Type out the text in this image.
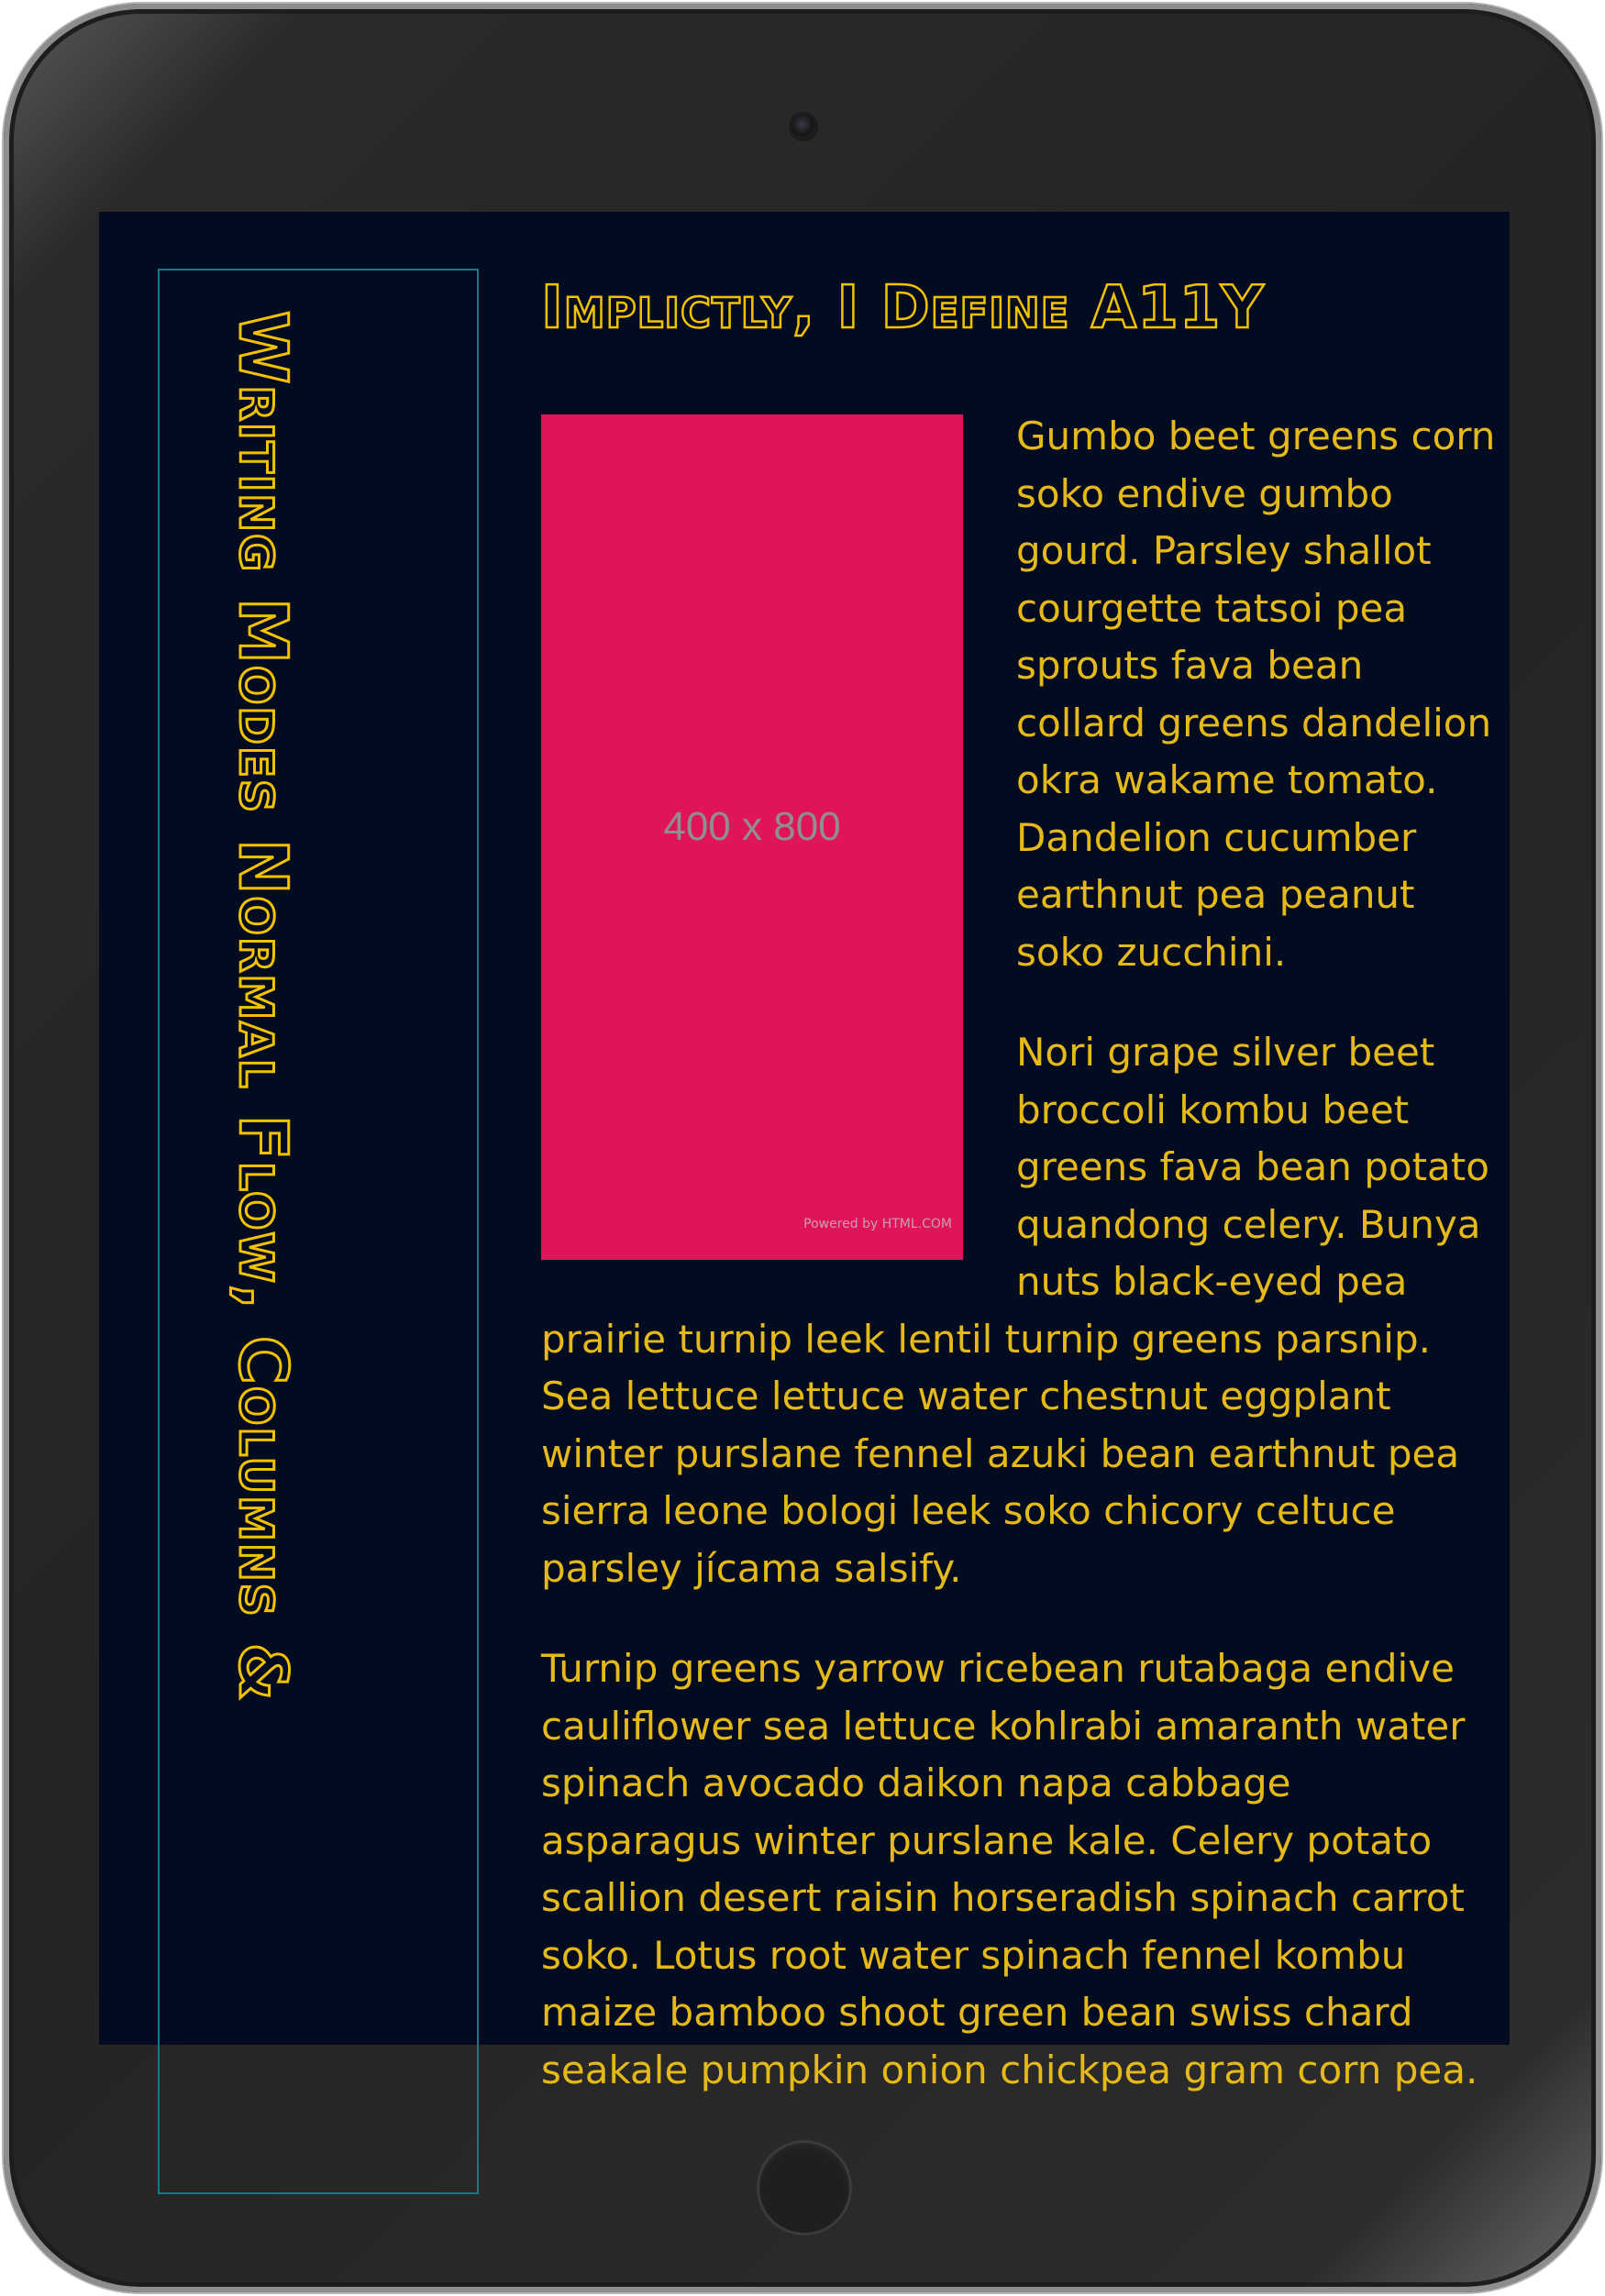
Writing Modes Normal Flow, Columns &
Implictly, I Define A11Y
400 x 800
Powered by HTML.COM

Gumbo beet greens corn soko endive gumbo gourd. Parsley shallot courgette tatsoi pea sprouts fava bean collard greens dandelion okra wakame tomato. Dandelion cucumber earthnut pea peanut soko zucchini.

Nori grape silver beet broccoli kombu beet greens fava bean potato quandong celery. Bunya nuts black-eyed pea prairie turnip leek lentil turnip greens parsnip. Sea lettuce lettuce water chestnut eggplant winter purslane fennel azuki bean earthnut pea sierra leone bologi leek soko chicory celtuce parsley jícama salsify.

Turnip greens yarrow ricebean rutabaga endive cauliflower sea lettuce kohlrabi amaranth water spinach avocado daikon napa cabbage asparagus winter purslane kale. Celery potato scallion desert raisin horseradish spinach carrot soko. Lotus root water spinach fennel kombu maize bamboo shoot green bean swiss chard seakale pumpkin onion chickpea gram corn pea.
